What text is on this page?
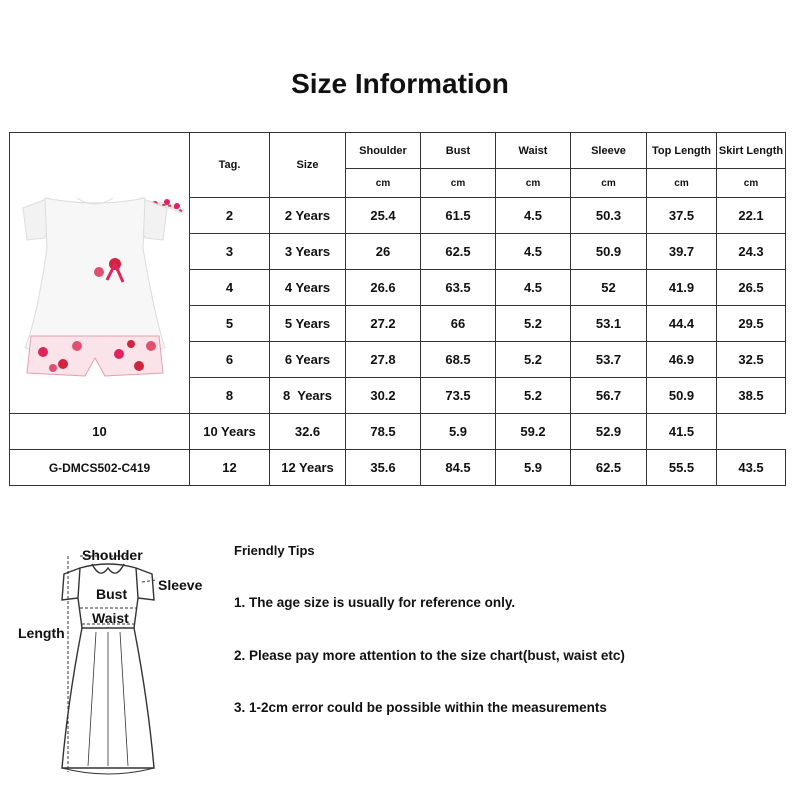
Size Information
	Tag.	Size	Shoulder	Bust	Waist	Sleeve	Top Length	Skirt Length
			cm	cm	cm	cm	cm	cm
	2	2 Years	25.4	61.5	4.5	50.3	37.5	22.1
	3	3 Years	26	62.5	4.5	50.9	39.7	24.3
	4	4 Years	26.6	63.5	4.5	52	41.9	26.5
	5	5 Years	27.2	66	5.2	53.1	44.4	29.5
	6	6 Years	27.8	68.5	5.2	53.7	46.9	32.5
	8	8  Years	30.2	73.5	5.2	56.7	50.9	38.5
10	10 Years	32.6	78.5	5.9	59.2	52.9	41.5	
G-DMCS502-C419	12	12 Years	35.6	84.5	5.9	62.5	55.5	43.5
Shoulder
Sleeve
Bust
Waist
Length
Friendly Tips
1. The age size is usually for reference only.
2. Please pay more attention to the size chart(bust, waist etc)
3. 1-2cm error could be possible within the measurements
